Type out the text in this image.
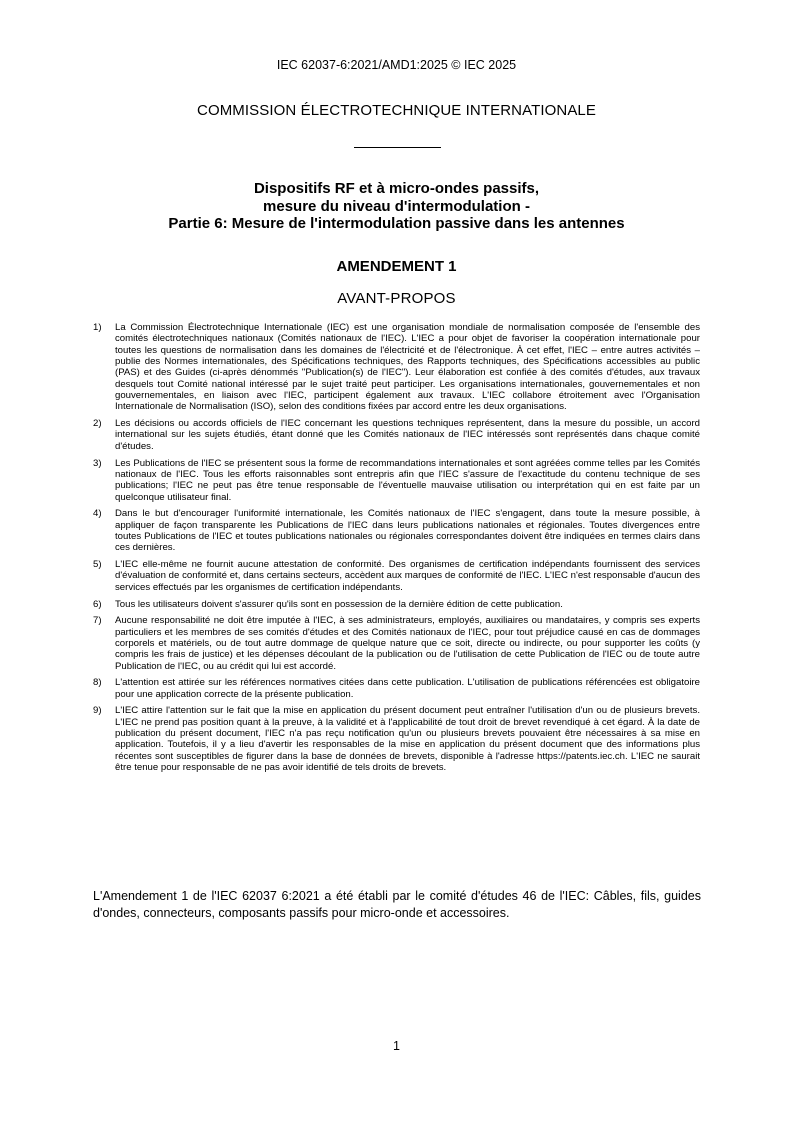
IEC 62037-6:2021/AMD1:2025 © IEC 2025
COMMISSION ÉLECTROTECHNIQUE INTERNATIONALE
Dispositifs RF et à micro-ondes passifs,
mesure du niveau d'intermodulation -
Partie 6: Mesure de l'intermodulation passive dans les antennes
AMENDEMENT 1
AVANT-PROPOS
1) La Commission Électrotechnique Internationale (IEC) est une organisation mondiale de normalisation composée de l'ensemble des comités électrotechniques nationaux (Comités nationaux de l'IEC). L'IEC a pour objet de favoriser la coopération internationale pour toutes les questions de normalisation dans les domaines de l'électricité et de l'électronique. À cet effet, l'IEC – entre autres activités – publie des Normes internationales, des Spécifications techniques, des Rapports techniques, des Spécifications accessibles au public (PAS) et des Guides (ci-après dénommés "Publication(s) de l'IEC"). Leur élaboration est confiée à des comités d'études, aux travaux desquels tout Comité national intéressé par le sujet traité peut participer. Les organisations internationales, gouvernementales et non gouvernementales, en liaison avec l'IEC, participent également aux travaux. L'IEC collabore étroitement avec l'Organisation Internationale de Normalisation (ISO), selon des conditions fixées par accord entre les deux organisations.
2) Les décisions ou accords officiels de l'IEC concernant les questions techniques représentent, dans la mesure du possible, un accord international sur les sujets étudiés, étant donné que les Comités nationaux de l'IEC intéressés sont représentés dans chaque comité d'études.
3) Les Publications de l'IEC se présentent sous la forme de recommandations internationales et sont agréées comme telles par les Comités nationaux de l'IEC. Tous les efforts raisonnables sont entrepris afin que l'IEC s'assure de l'exactitude du contenu technique de ses publications; l'IEC ne peut pas être tenue responsable de l'éventuelle mauvaise utilisation ou interprétation qui en est faite par un quelconque utilisateur final.
4) Dans le but d'encourager l'uniformité internationale, les Comités nationaux de l'IEC s'engagent, dans toute la mesure possible, à appliquer de façon transparente les Publications de l'IEC dans leurs publications nationales et régionales. Toutes divergences entre toutes Publications de l'IEC et toutes publications nationales ou régionales correspondantes doivent être indiquées en termes clairs dans ces dernières.
5) L'IEC elle-même ne fournit aucune attestation de conformité. Des organismes de certification indépendants fournissent des services d'évaluation de conformité et, dans certains secteurs, accèdent aux marques de conformité de l'IEC. L'IEC n'est responsable d'aucun des services effectués par les organismes de certification indépendants.
6) Tous les utilisateurs doivent s'assurer qu'ils sont en possession de la dernière édition de cette publication.
7) Aucune responsabilité ne doit être imputée à l'IEC, à ses administrateurs, employés, auxiliaires ou mandataires, y compris ses experts particuliers et les membres de ses comités d'études et des Comités nationaux de l'IEC, pour tout préjudice causé en cas de dommages corporels et matériels, ou de tout autre dommage de quelque nature que ce soit, directe ou indirecte, ou pour supporter les coûts (y compris les frais de justice) et les dépenses découlant de la publication ou de l'utilisation de cette Publication de l'IEC ou de toute autre Publication de l'IEC, ou au crédit qui lui est accordé.
8) L'attention est attirée sur les références normatives citées dans cette publication. L'utilisation de publications référencées est obligatoire pour une application correcte de la présente publication.
9) L'IEC attire l'attention sur le fait que la mise en application du présent document peut entraîner l'utilisation d'un ou de plusieurs brevets. L'IEC ne prend pas position quant à la preuve, à la validité et à l'applicabilité de tout droit de brevet revendiqué à cet égard. À la date de publication du présent document, l'IEC n'a pas reçu notification qu'un ou plusieurs brevets pouvaient être nécessaires à sa mise en application. Toutefois, il y a lieu d'avertir les responsables de la mise en application du présent document que des informations plus récentes sont susceptibles de figurer dans la base de données de brevets, disponible à l'adresse https://patents.iec.ch. L'IEC ne saurait être tenue pour responsable de ne pas avoir identifié de tels droits de brevets.
L'Amendement 1 de l'IEC 62037 6:2021 a été établi par le comité d'études 46 de l'IEC: Câbles, fils, guides d'ondes, connecteurs, composants passifs pour micro-onde et accessoires.
1
